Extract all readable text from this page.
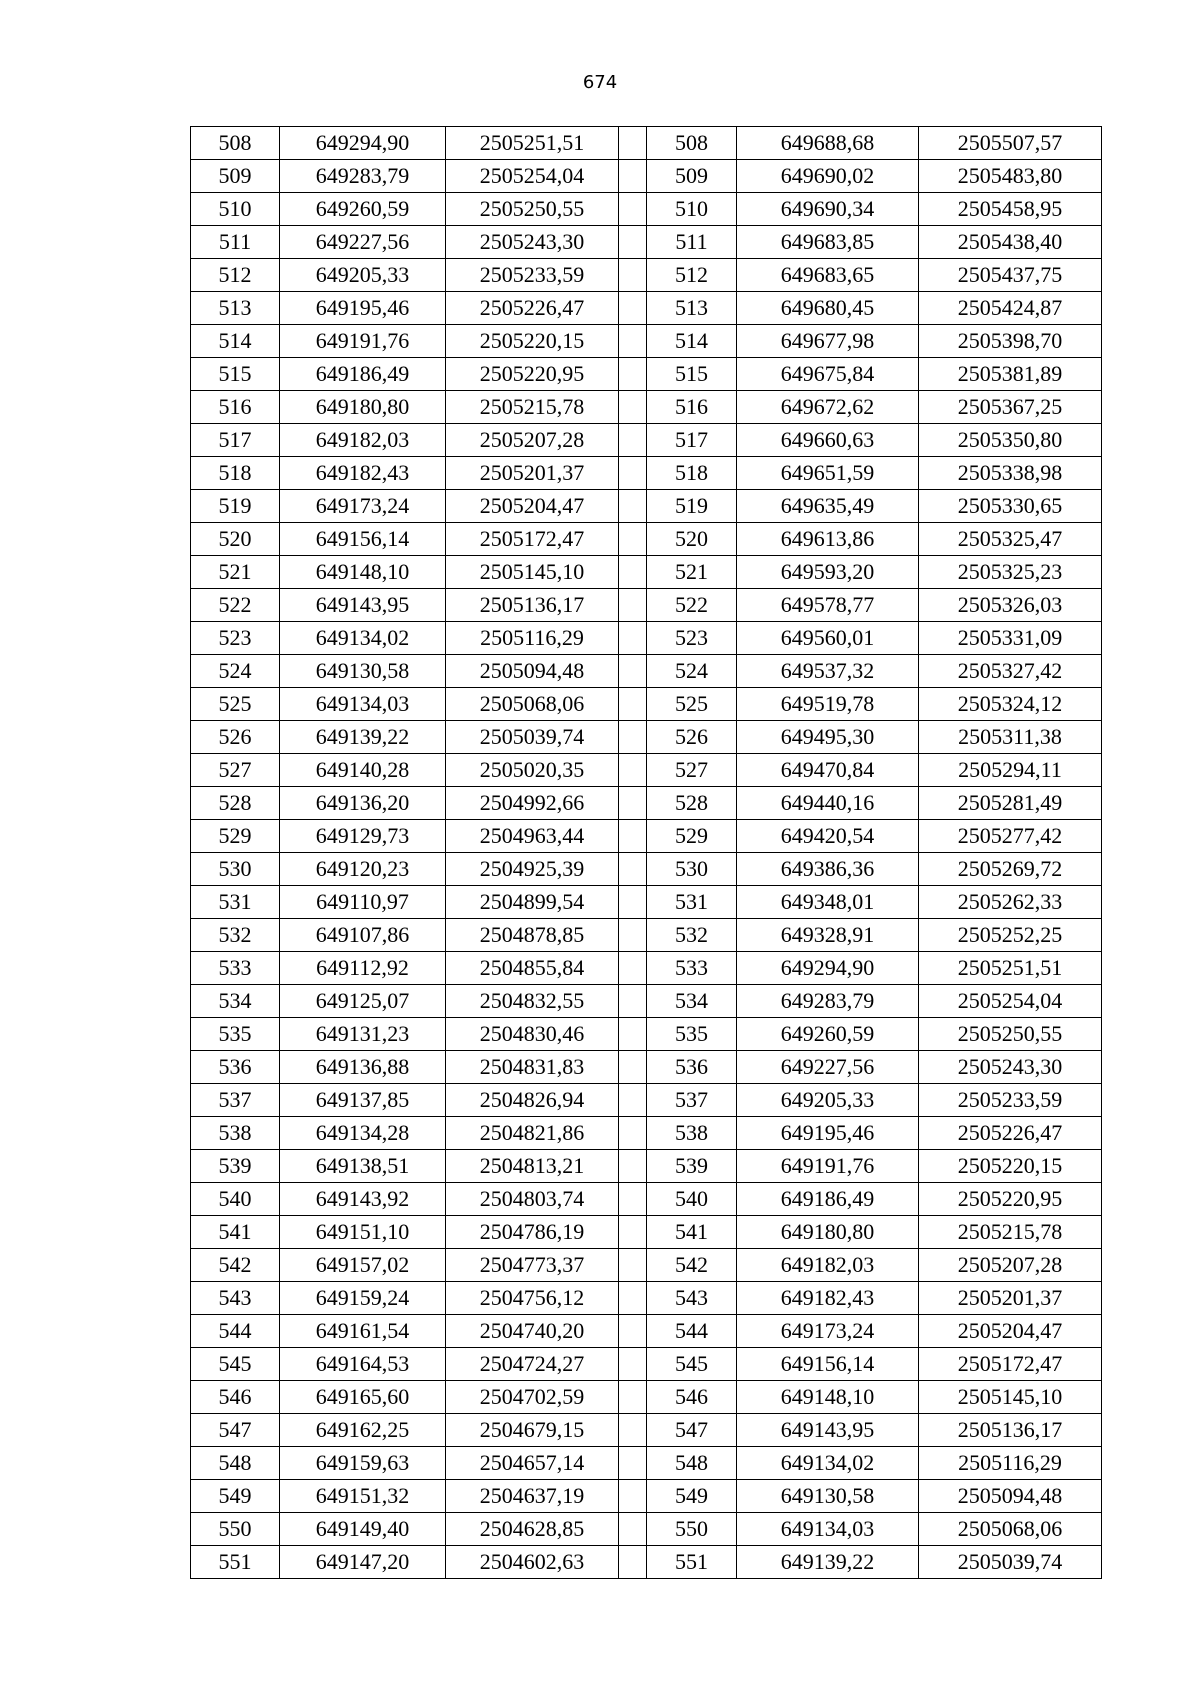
674
508	649294,90	2505251,51		508	649688,68	2505507,57
509	649283,79	2505254,04		509	649690,02	2505483,80
510	649260,59	2505250,55		510	649690,34	2505458,95
511	649227,56	2505243,30		511	649683,85	2505438,40
512	649205,33	2505233,59		512	649683,65	2505437,75
513	649195,46	2505226,47		513	649680,45	2505424,87
514	649191,76	2505220,15		514	649677,98	2505398,70
515	649186,49	2505220,95		515	649675,84	2505381,89
516	649180,80	2505215,78		516	649672,62	2505367,25
517	649182,03	2505207,28		517	649660,63	2505350,80
518	649182,43	2505201,37		518	649651,59	2505338,98
519	649173,24	2505204,47		519	649635,49	2505330,65
520	649156,14	2505172,47		520	649613,86	2505325,47
521	649148,10	2505145,10		521	649593,20	2505325,23
522	649143,95	2505136,17		522	649578,77	2505326,03
523	649134,02	2505116,29		523	649560,01	2505331,09
524	649130,58	2505094,48		524	649537,32	2505327,42
525	649134,03	2505068,06		525	649519,78	2505324,12
526	649139,22	2505039,74		526	649495,30	2505311,38
527	649140,28	2505020,35		527	649470,84	2505294,11
528	649136,20	2504992,66		528	649440,16	2505281,49
529	649129,73	2504963,44		529	649420,54	2505277,42
530	649120,23	2504925,39		530	649386,36	2505269,72
531	649110,97	2504899,54		531	649348,01	2505262,33
532	649107,86	2504878,85		532	649328,91	2505252,25
533	649112,92	2504855,84		533	649294,90	2505251,51
534	649125,07	2504832,55		534	649283,79	2505254,04
535	649131,23	2504830,46		535	649260,59	2505250,55
536	649136,88	2504831,83		536	649227,56	2505243,30
537	649137,85	2504826,94		537	649205,33	2505233,59
538	649134,28	2504821,86		538	649195,46	2505226,47
539	649138,51	2504813,21		539	649191,76	2505220,15
540	649143,92	2504803,74		540	649186,49	2505220,95
541	649151,10	2504786,19		541	649180,80	2505215,78
542	649157,02	2504773,37		542	649182,03	2505207,28
543	649159,24	2504756,12		543	649182,43	2505201,37
544	649161,54	2504740,20		544	649173,24	2505204,47
545	649164,53	2504724,27		545	649156,14	2505172,47
546	649165,60	2504702,59		546	649148,10	2505145,10
547	649162,25	2504679,15		547	649143,95	2505136,17
548	649159,63	2504657,14		548	649134,02	2505116,29
549	649151,32	2504637,19		549	649130,58	2505094,48
550	649149,40	2504628,85		550	649134,03	2505068,06
551	649147,20	2504602,63		551	649139,22	2505039,74
